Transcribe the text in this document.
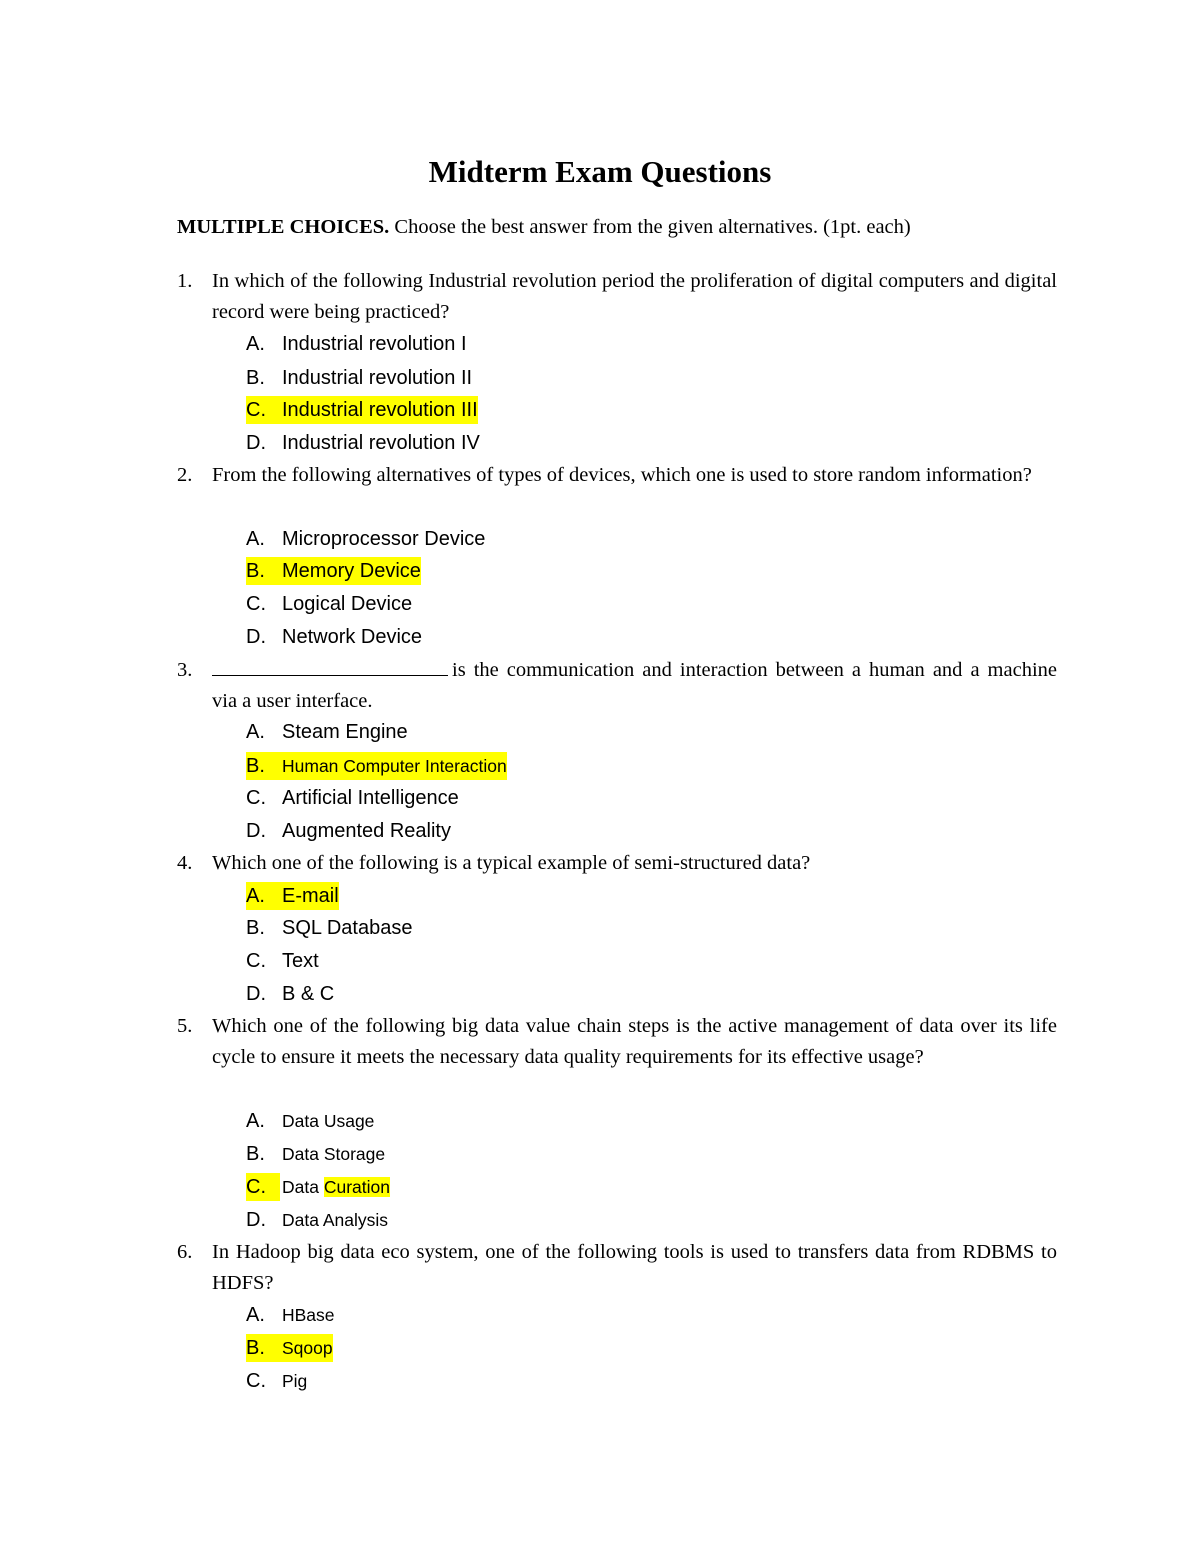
Midterm Exam Questions
MULTIPLE CHOICES. Choose the best answer from the given alternatives. (1pt. each)
1. In which of the following Industrial revolution period the proliferation of digital computers and digital record were being practiced?
A. Industrial revolution I
B. Industrial revolution II
C. Industrial revolution III
D. Industrial revolution IV
2. From the following alternatives of types of devices, which one is used to store random information?
A. Microprocessor Device
B. Memory Device
C. Logical Device
D. Network Device
3.	is the communication and interaction between a human and a machine via a user interface.
A. Steam Engine
B. Human Computer Interaction
C. Artificial Intelligence
D. Augmented Reality
4. Which one of the following is a typical example of semi-structured data?
A. E-mail
B. SQL Database
C. Text
D. B & C
5. Which one of the following big data value chain steps is the active management of data over its life cycle to ensure it meets the necessary data quality requirements for its effective usage?
A. Data Usage
B. Data Storage
C. Data Curation
D. Data Analysis
6. In Hadoop big data eco system, one of the following tools is used to transfers data from RDBMS to HDFS?
A. HBase
B. Sqoop
C. Pig
